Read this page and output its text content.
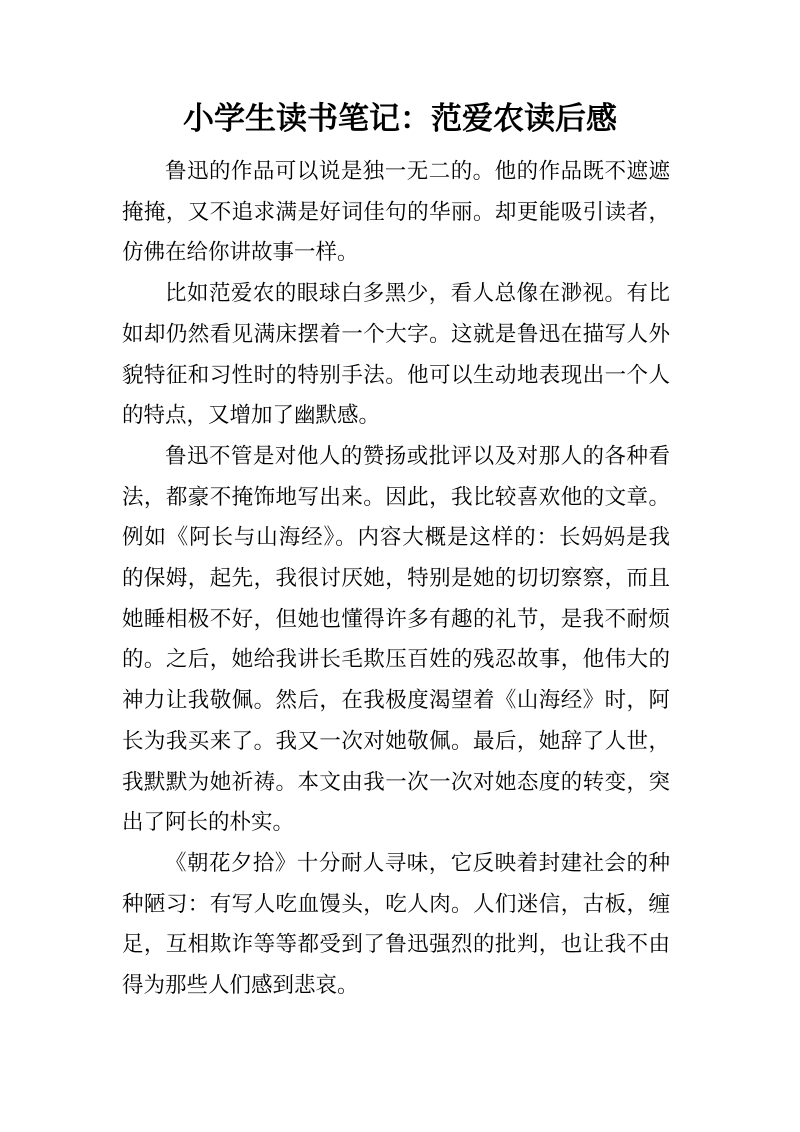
小学生读书笔记：范爱农读后感

鲁迅的作品可以说是独一无二的。他的作品既不遮遮掩掩，又不追求满是好词佳句的华丽。却更能吸引读者，仿佛在给你讲故事一样。

比如范爱农的眼球白多黑少，看人总像在渺视。有比如却仍然看见满床摆着一个大字。这就是鲁迅在描写人外貌特征和习性时的特别手法。他可以生动地表现出一个人的特点，又增加了幽默感。

鲁迅不管是对他人的赞扬或批评以及对那人的各种看法，都豪不掩饰地写出来。因此，我比较喜欢他的文章。例如《阿长与山海经》。内容大概是这样的：长妈妈是我的保姆，起先，我很讨厌她，特别是她的切切察察，而且她睡相极不好，但她也懂得许多有趣的礼节，是我不耐烦的。之后，她给我讲长毛欺压百姓的残忍故事，他伟大的神力让我敬佩。然后，在我极度渴望着《山海经》时，阿长为我买来了。我又一次对她敬佩。最后，她辞了人世，我默默为她祈祷。本文由我一次一次对她态度的转变，突出了阿长的朴实。

《朝花夕拾》十分耐人寻味，它反映着封建社会的种种陋习：有写人吃血馒头，吃人肉。人们迷信，古板，缠足，互相欺诈等等都受到了鲁迅强烈的批判，也让我不由得为那些人们感到悲哀。
